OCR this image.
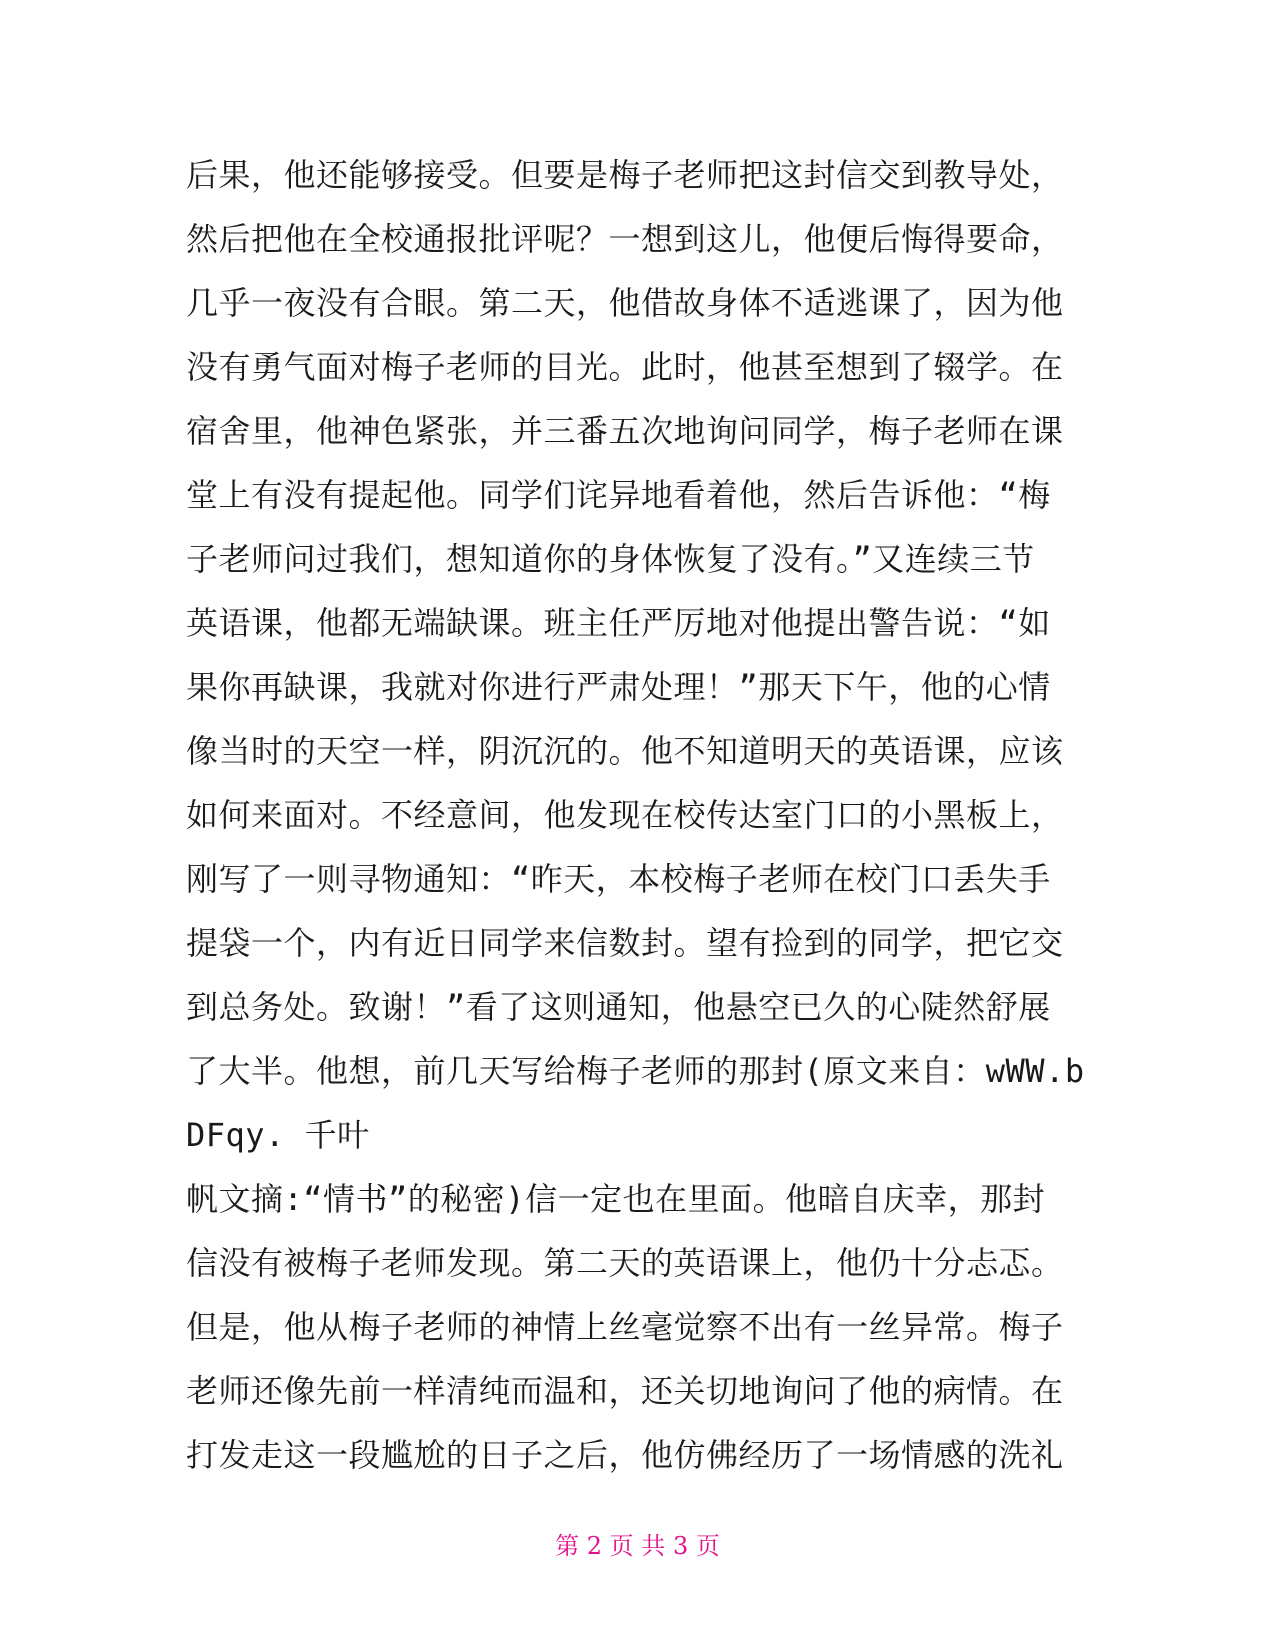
后果，他还能够接受。但要是梅子老师把这封信交到教导处，
然后把他在全校通报批评呢？一想到这儿，他便后悔得要命，
几乎一夜没有合眼。第二天，他借故身体不适逃课了，因为他
没有勇气面对梅子老师的目光。此时，他甚至想到了辍学。在
宿舍里，他神色紧张，并三番五次地询问同学，梅子老师在课
堂上有没有提起他。同学们诧异地看着他，然后告诉他：“梅
子老师问过我们，想知道你的身体恢复了没有。”又连续三节
英语课，他都无端缺课。班主任严厉地对他提出警告说：“如
果你再缺课，我就对你进行严肃处理！”那天下午，他的心情
像当时的天空一样，阴沉沉的。他不知道明天的英语课，应该
如何来面对。不经意间，他发现在校传达室门口的小黑板上，
刚写了一则寻物通知：“昨天，本校梅子老师在校门口丢失手
提袋一个，内有近日同学来信数封。望有捡到的同学，把它交
到总务处。致谢！”看了这则通知，他悬空已久的心陡然舒展
了大半。他想，前几天写给梅子老师的那封(原文来自：wWW.b
DFqy. 千叶
帆文摘:“情书”的秘密)信一定也在里面。他暗自庆幸，那封
信没有被梅子老师发现。第二天的英语课上，他仍十分忐忑。
但是，他从梅子老师的神情上丝毫觉察不出有一丝异常。梅子
老师还像先前一样清纯而温和，还关切地询问了他的病情。在
打发走这一段尴尬的日子之后，他仿佛经历了一场情感的洗礼
第 2 页 共 3 页
